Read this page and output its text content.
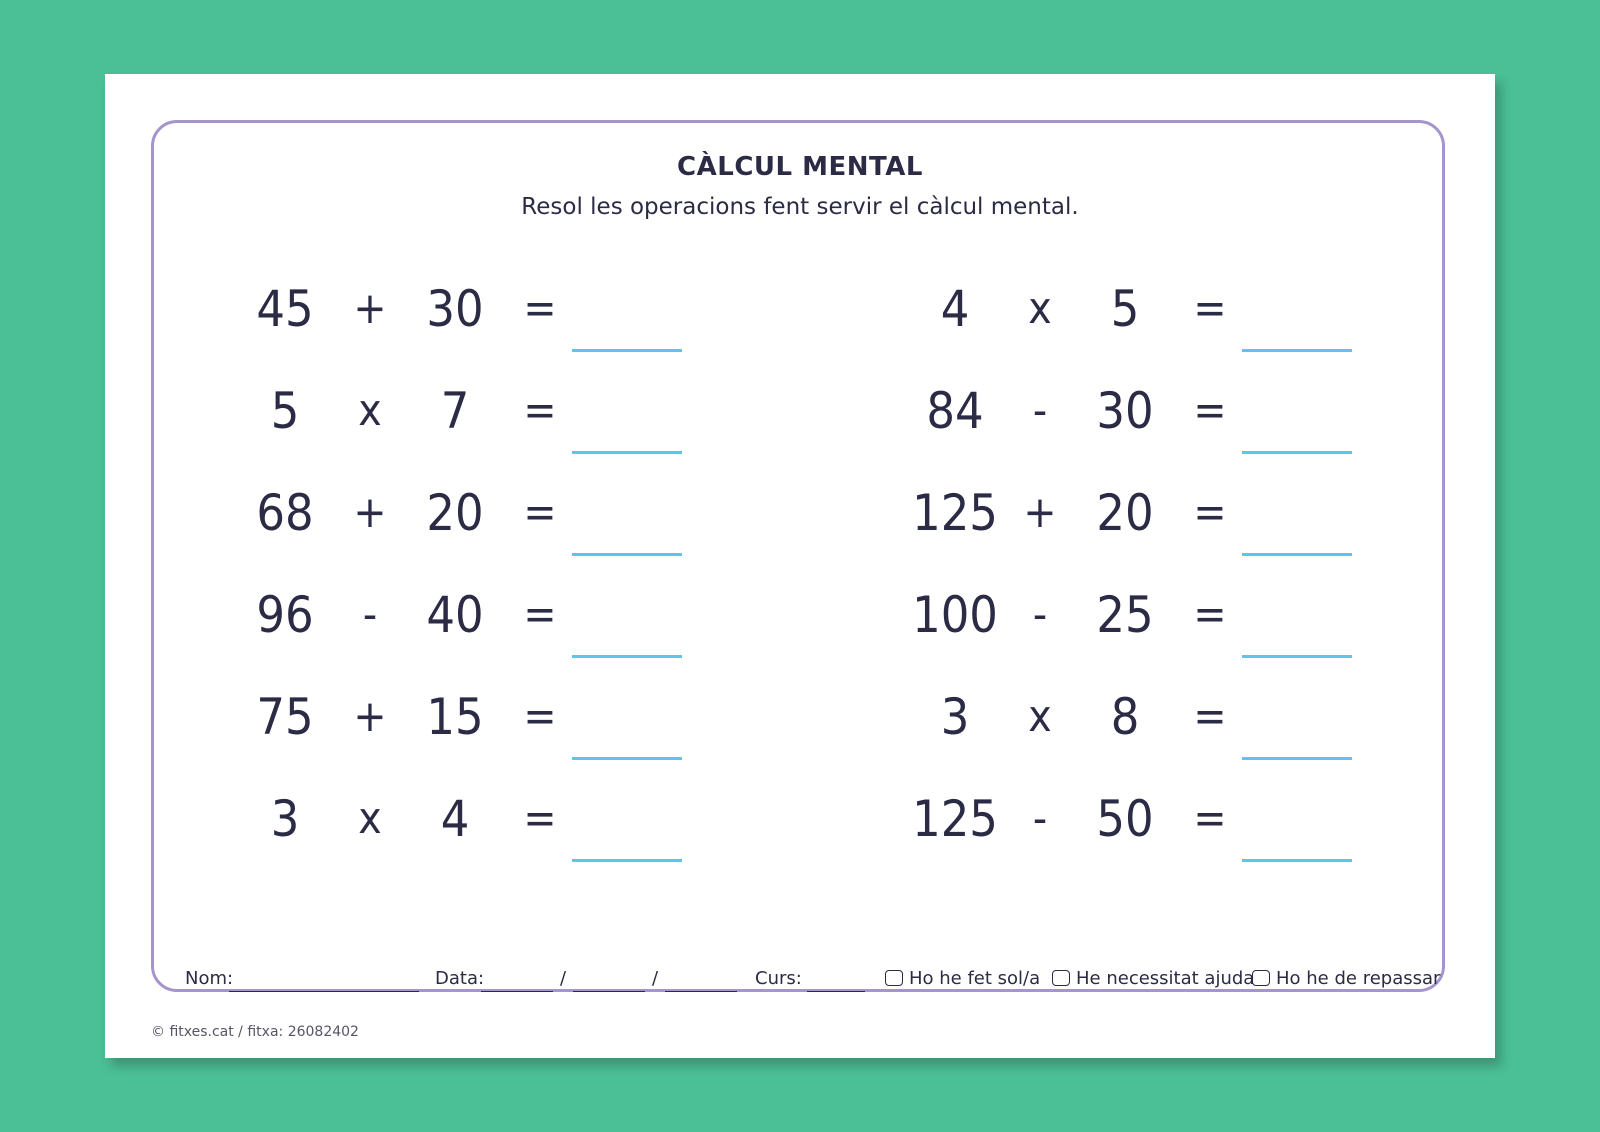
CÀLCUL MENTAL
Resol les operacions fent servir el càlcul mental.
45 + 30 =
5	x	7	=
68 + 20 =
96	- 40 =
75 + 15 =
3	x	4	=
4	x	5	=
84	- 30 =
125 + 20 =
100 - 25 =
3	x	8	=
125 - 50 =
Nom:	Data:	/	/	Curs:	Ho he fet sol/a He necessitat ajuda Ho he de repassar
© fitxes.cat / fitxa: 26082402
